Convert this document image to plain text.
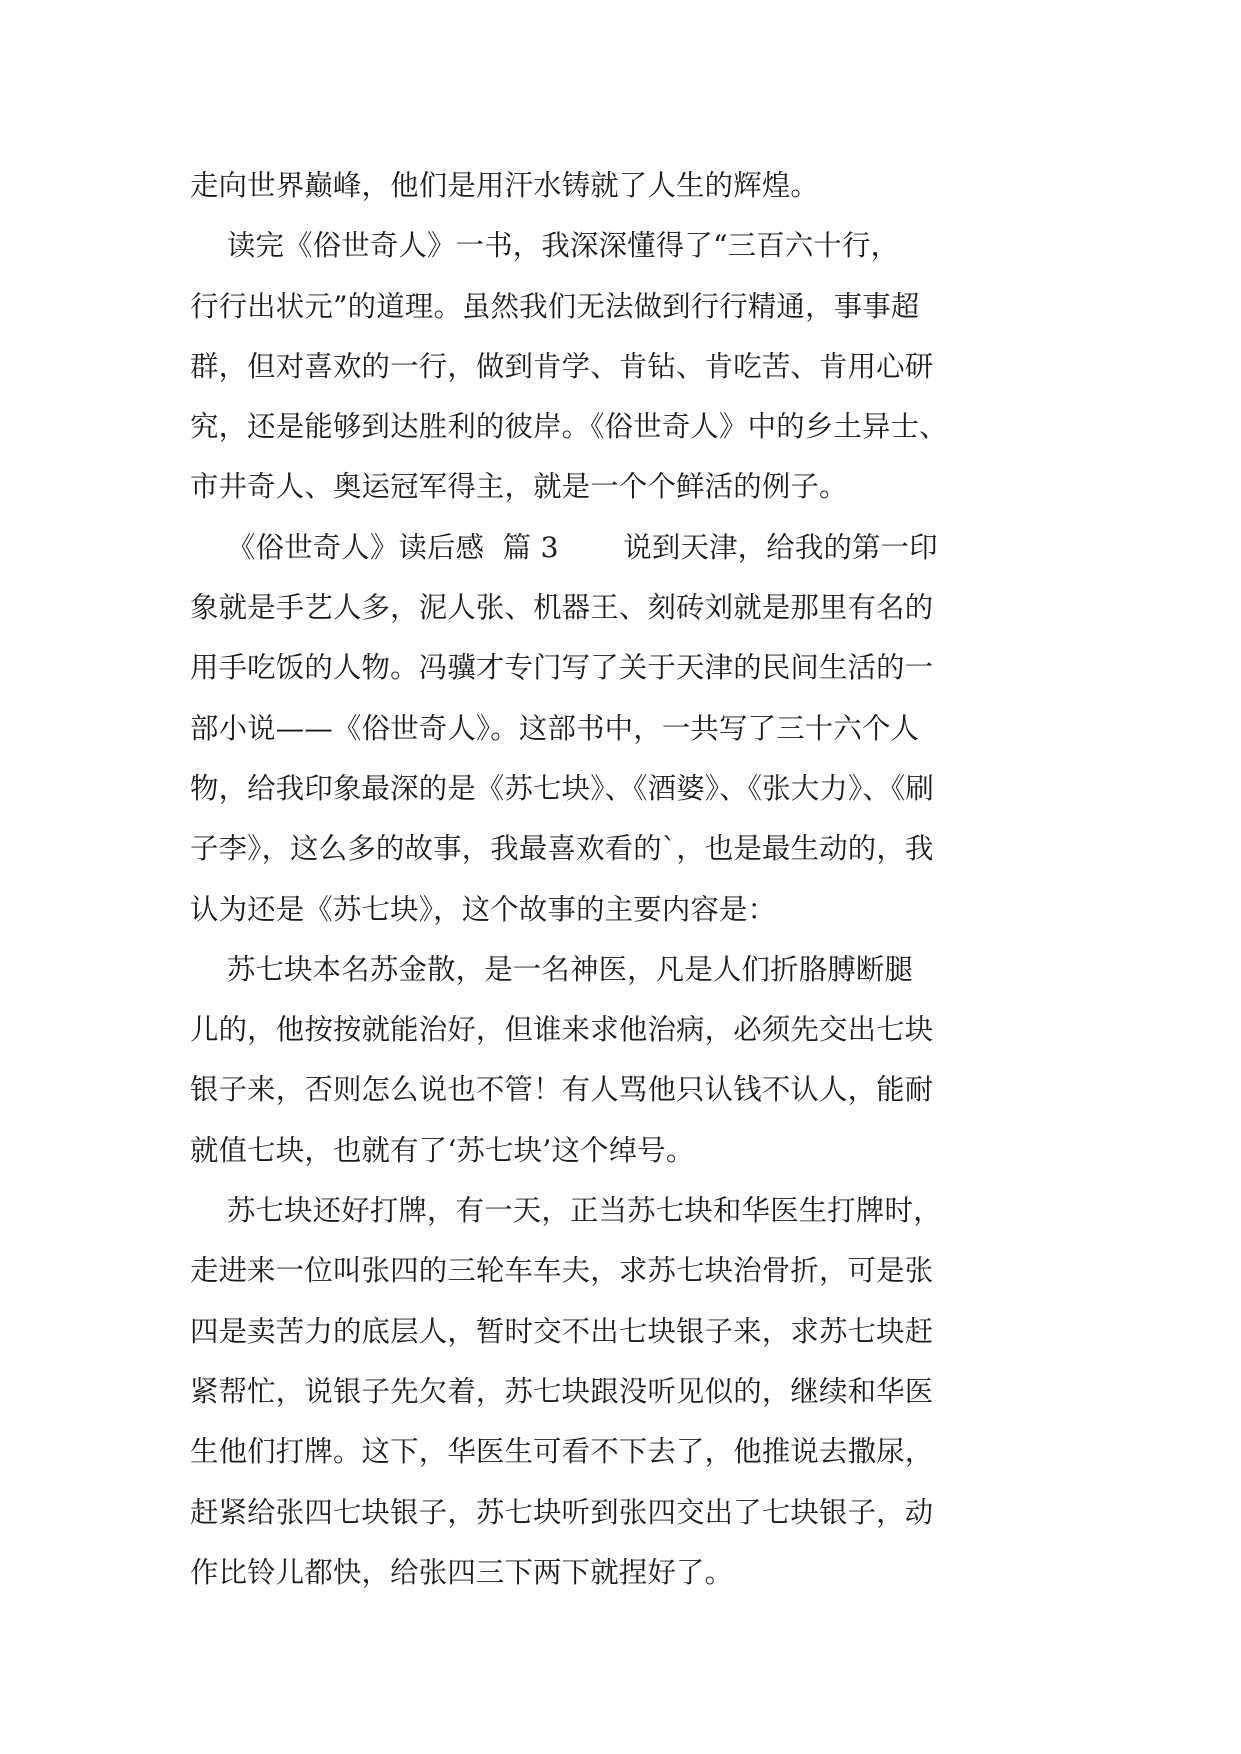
走向世界巅峰，他们是用汗水铸就了人生的辉煌。
读完《俗世奇人》一书，我深深懂得了“三百六十行，
行行出状元”的道理。虽然我们无法做到行行精通，事事超
群，但对喜欢的一行，做到肯学、肯钻、肯吃苦、肯用心研
究，还是能够到达胜利的彼岸。《俗世奇人》中的乡土异士、
市井奇人、奥运冠军得主，就是一个个鲜活的例子。
《俗世奇人》读后感  篇 3       说到天津，给我的第一印
象就是手艺人多，泥人张、机器王、刻砖刘就是那里有名的
用手吃饭的人物。冯骥才专门写了关于天津的民间生活的一
部小说——《俗世奇人》。这部书中，一共写了三十六个人
物，给我印象最深的是《苏七块》、《酒婆》、《张大力》、《刷
子李》，这么多的故事，我最喜欢看的`，也是最生动的，我
认为还是《苏七块》，这个故事的主要内容是：
苏七块本名苏金散，是一名神医，凡是人们折胳膊断腿
儿的，他按按就能治好，但谁来求他治病，必须先交出七块
银子来，否则怎么说也不管！有人骂他只认钱不认人，能耐
就值七块，也就有了‘苏七块’这个绰号。
苏七块还好打牌，有一天，正当苏七块和华医生打牌时，
走进来一位叫张四的三轮车车夫，求苏七块治骨折，可是张
四是卖苦力的底层人，暂时交不出七块银子来，求苏七块赶
紧帮忙，说银子先欠着，苏七块跟没听见似的，继续和华医
生他们打牌。这下，华医生可看不下去了，他推说去撒尿，
赶紧给张四七块银子，苏七块听到张四交出了七块银子，动
作比铃儿都快，给张四三下两下就捏好了。
